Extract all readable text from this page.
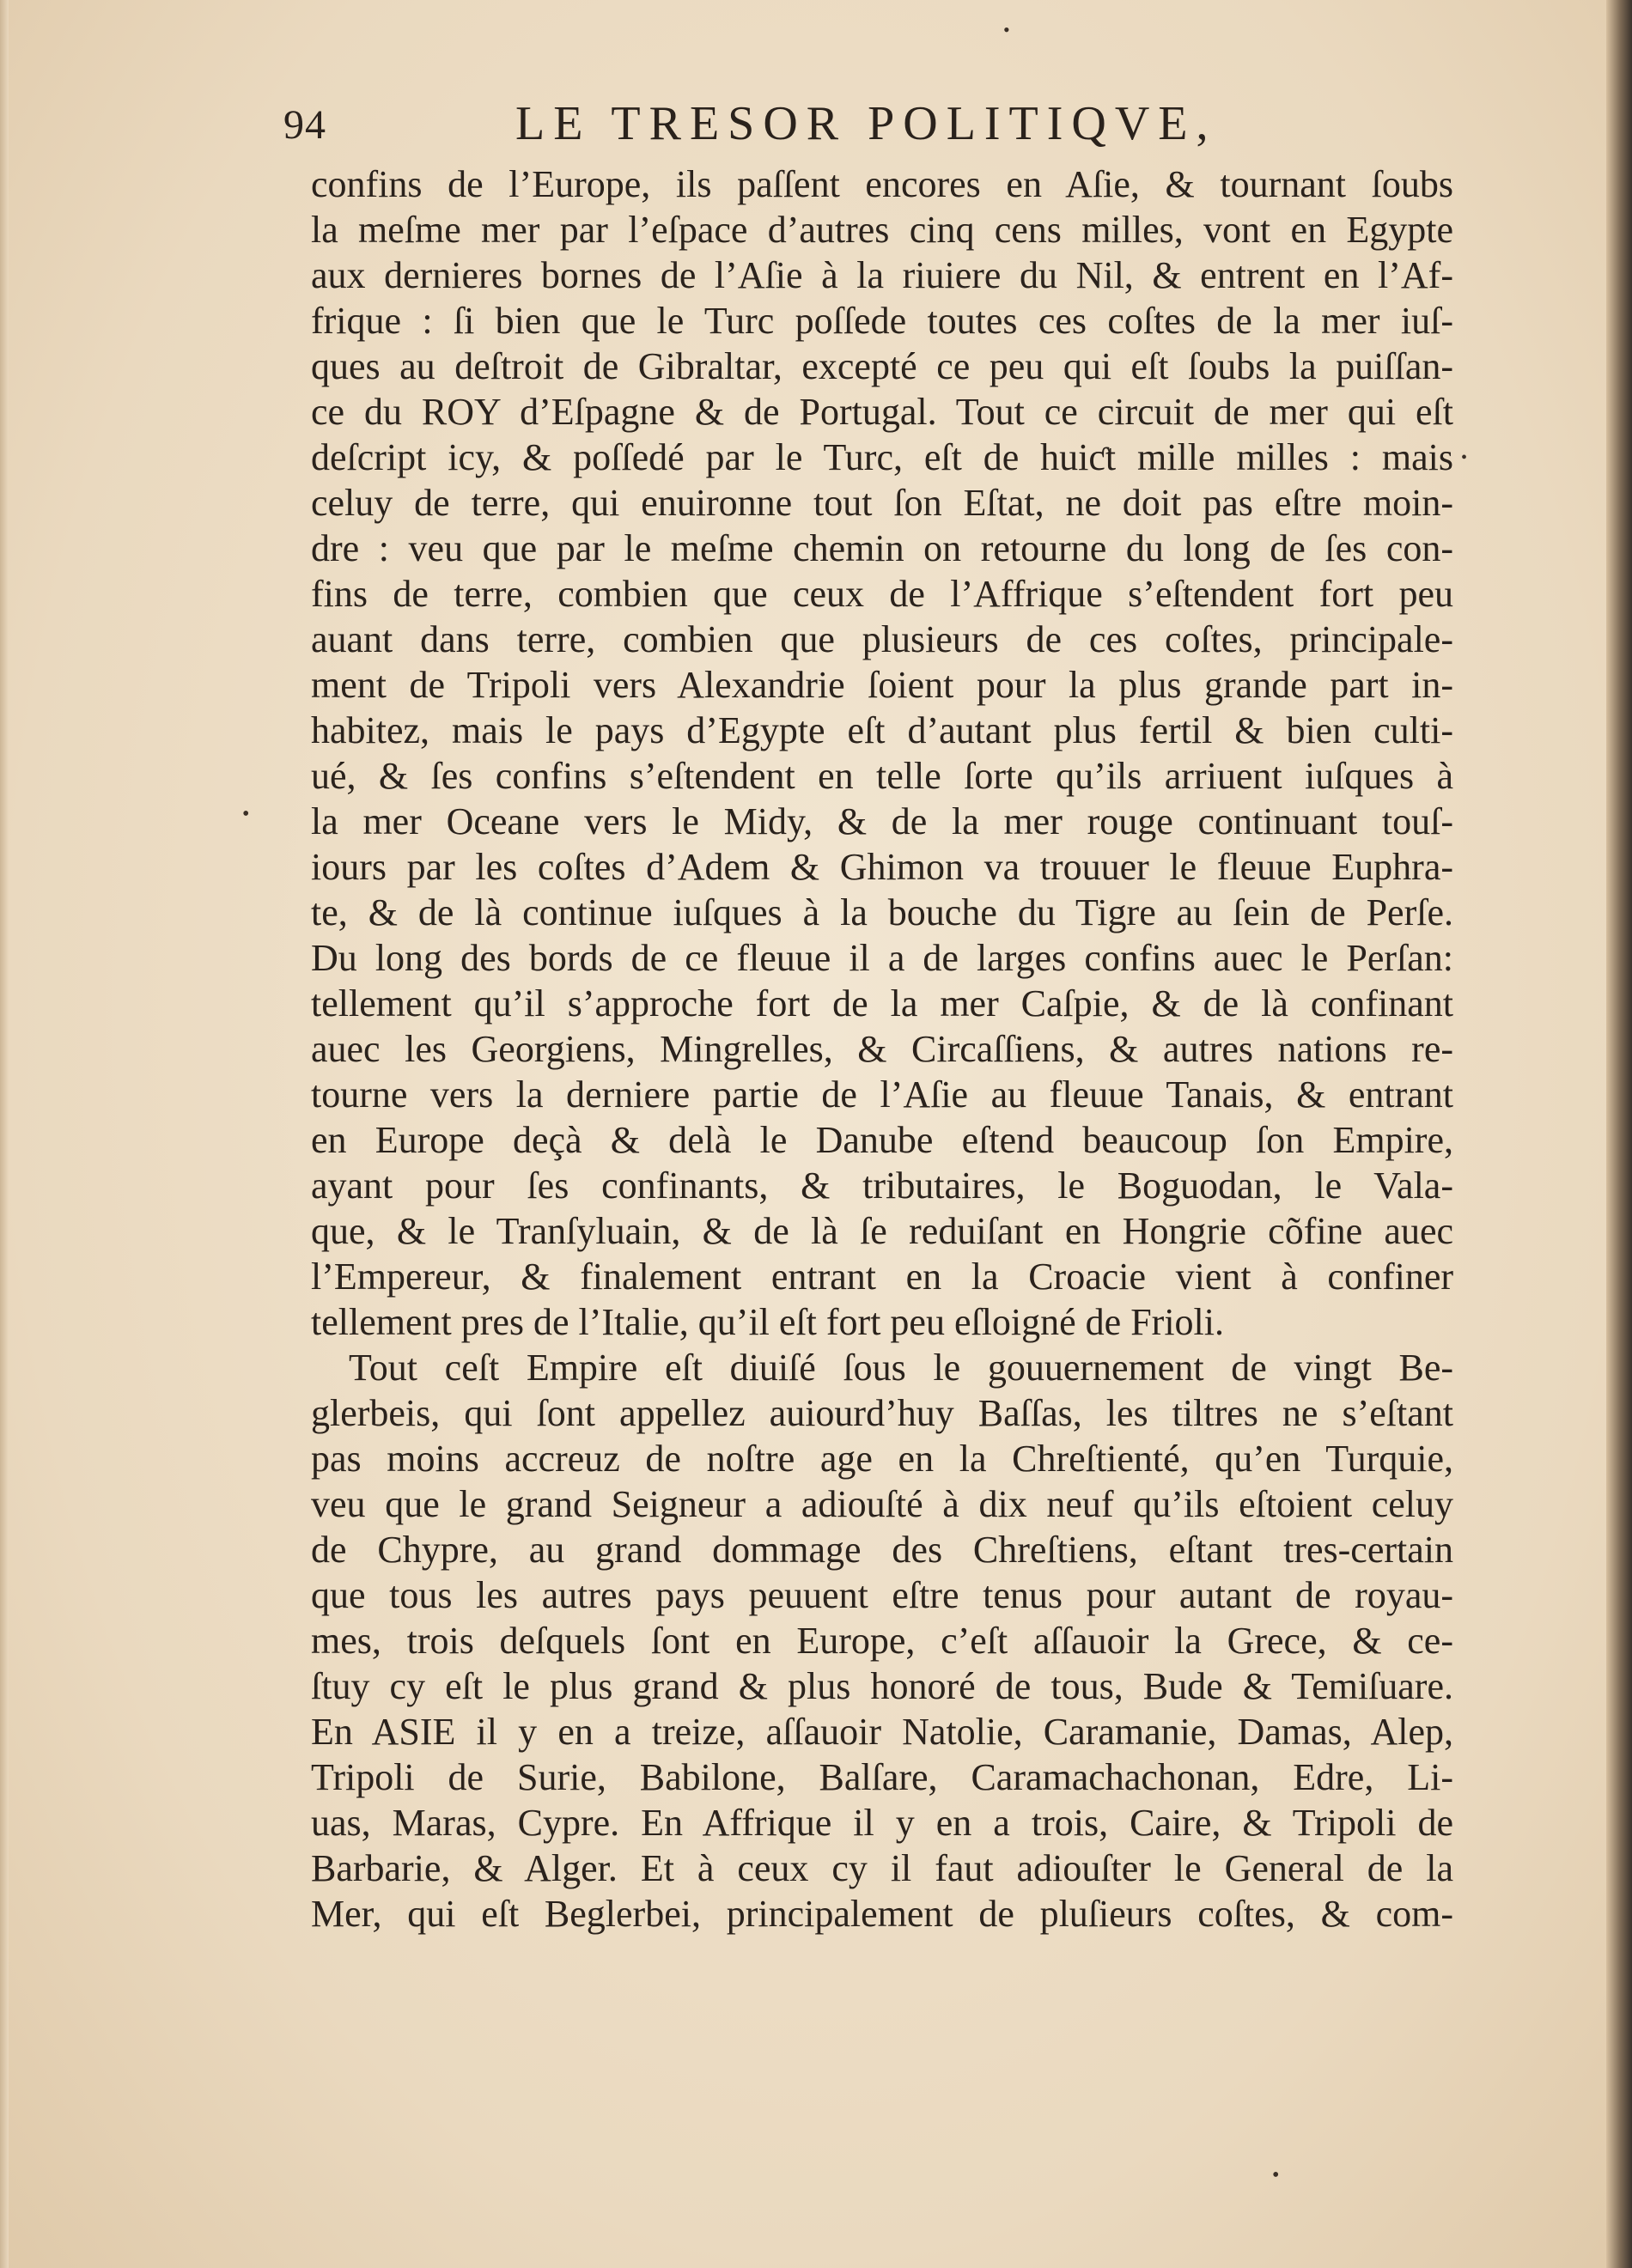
94	LE TRESOR POLITIQVE,
confins de l’Europe, ils paſſent encores en Aſie, & tournant ſoubs
la meſme mer par l’eſpace d’autres cinq cens milles, vont en Egypte
aux dernieres bornes de l’Aſie à la riuiere du Nil, & entrent en l’Af-
frique : ſi bien que le Turc poſſede toutes ces coſtes de la mer iuſ-
ques au deſtroit de Gibraltar, excepté ce peu qui eſt ſoubs la puiſſan-
ce du ROY d’Eſpagne & de Portugal. Tout ce circuit de mer qui eſt
deſcript icy, & poſſedé par le Turc, eſt de huiƈt mille milles : mais
celuy de terre, qui enuironne tout ſon Eſtat, ne doit pas eſtre moin-
dre : veu que par le meſme chemin on retourne du long de ſes con-
fins de terre, combien que ceux de l’Affrique s’eſtendent fort peu
auant dans terre, combien que plusieurs de ces coſtes, principale-
ment de Tripoli vers Alexandrie ſoient pour la plus grande part in-
habitez, mais le pays d’Egypte eſt d’autant plus fertil & bien culti-
ué, & ſes confins s’eſtendent en telle ſorte qu’ils arriuent iuſques à
la mer Oceane vers le Midy, & de la mer rouge continuant touſ-
iours par les coſtes d’Adem & Ghimon va trouuer le fleuue Euphra-
te, & de là continue iuſques à la bouche du Tigre au ſein de Perſe.
Du long des bords de ce fleuue il a de larges confins auec le Perſan:
tellement qu’il s’approche fort de la mer Caſpie, & de là confinant
auec les Georgiens, Mingrelles, & Circaſſiens, & autres nations re-
tourne vers la derniere partie de l’Aſie au fleuue Tanais, & entrant
en Europe deçà & delà le Danube eſtend beaucoup ſon Empire,
ayant pour ſes confinants, & tributaires, le Boguodan, le Vala-
que, & le Tranſyluain, & de là ſe reduiſant en Hongrie cõfine auec
l’Empereur, & finalement entrant en la Croacie vient à confiner
tellement pres de l’Italie, qu’il eſt fort peu eſloigné de Frioli.
Tout ceſt Empire eſt diuiſé ſous le gouuernement de vingt Be-
glerbeis, qui ſont appellez auiourd’huy Baſſas, les tiltres ne s’eſtant
pas moins accreuz de noſtre age en la Chreſtienté, qu’en Turquie,
veu que le grand Seigneur a adiouſté à dix neuf qu’ils eſtoient celuy
de Chypre, au grand dommage des Chreſtiens, eſtant tres-certain
que tous les autres pays peuuent eſtre tenus pour autant de royau-
mes, trois deſquels ſont en Europe, c’eſt aſſauoir la Grece, & ce-
ſtuy cy eſt le plus grand & plus honoré de tous, Bude & Temiſuare.
En ASIE il y en a treize, aſſauoir Natolie, Caramanie, Damas, Alep,
Tripoli de Surie, Babilone, Balſare, Caramachachonan, Edre, Li-
uas, Maras, Cypre. En Affrique il y en a trois, Caire, & Tripoli de
Barbarie, & Alger. Et à ceux cy il faut adiouſter le General de la
Mer, qui eſt Beglerbei, principalement de pluſieurs coſtes, & com-
•
•
•
•
